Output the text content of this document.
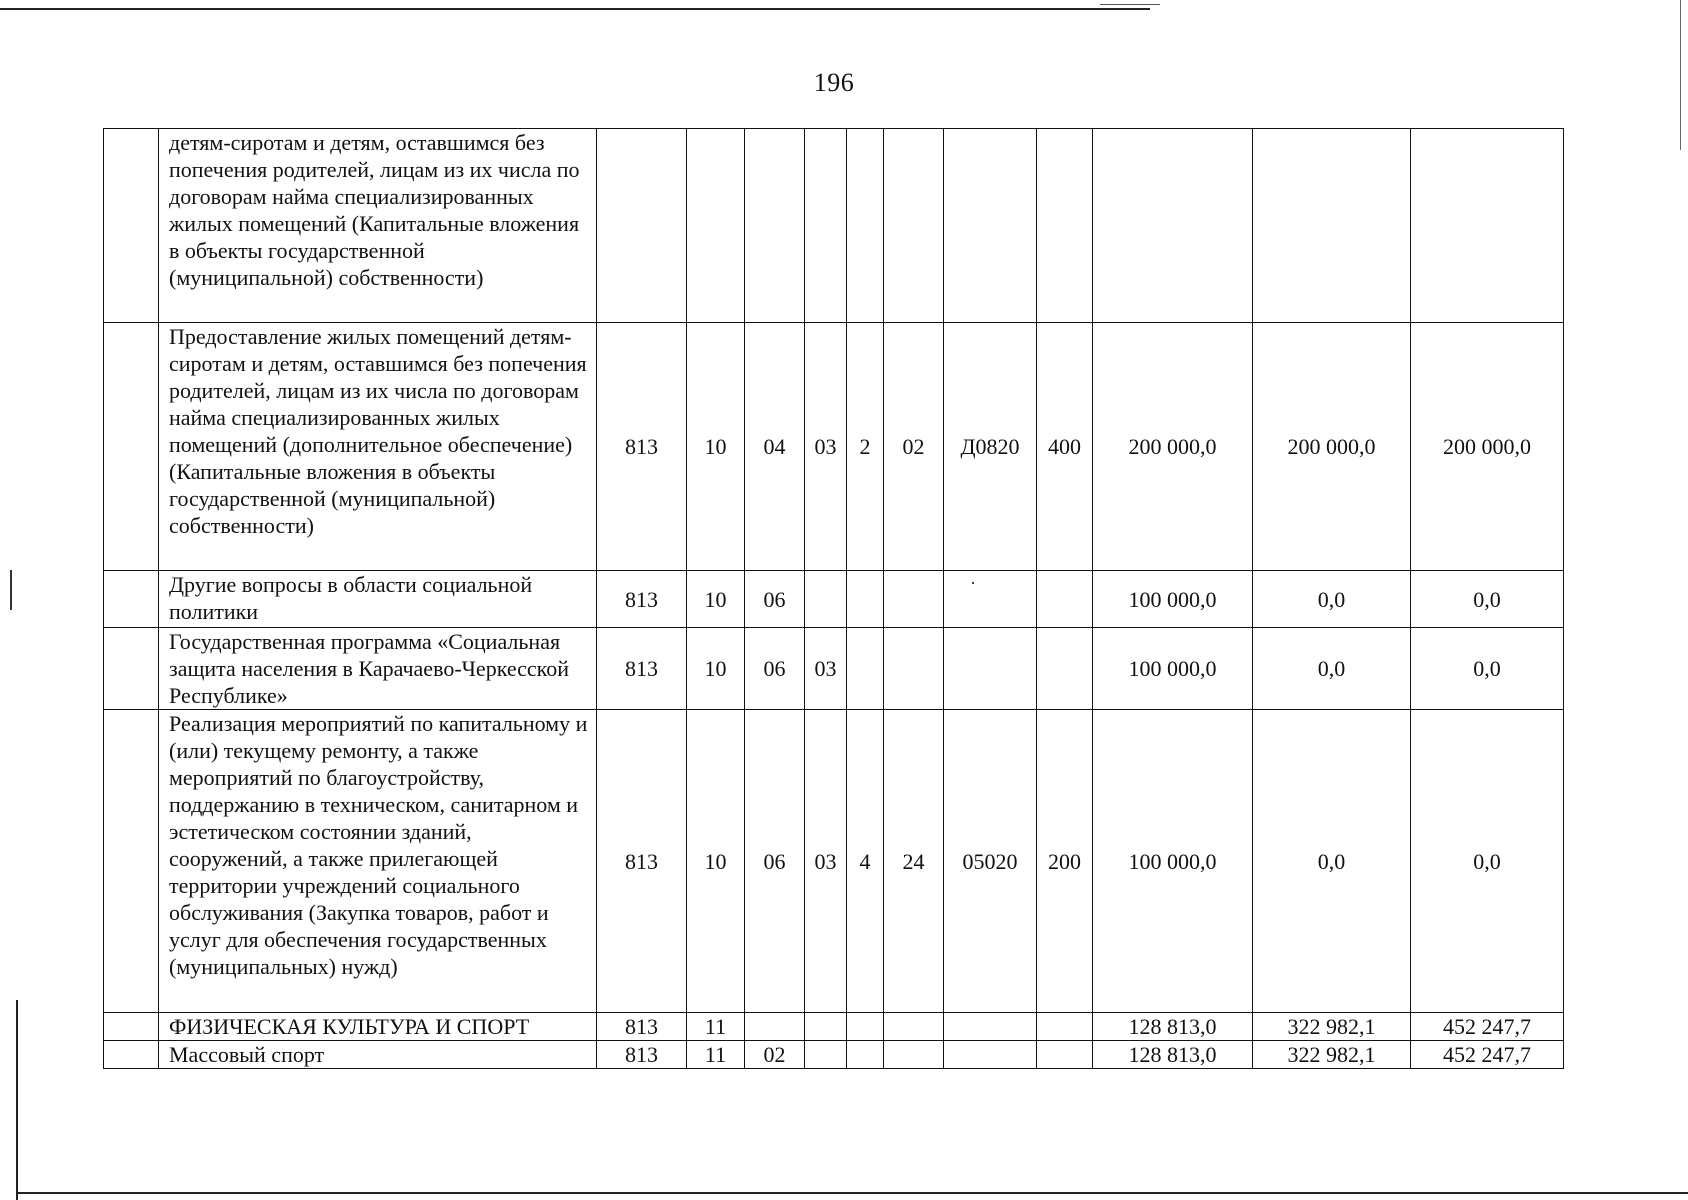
196
	детям-сиротам и детям, оставшимся без попечения родителей, лицам из их числа по договорам найма специализированных жилых помещений (Капитальные вложения в объекты государственной (муниципальной) собственности)											
	Предоставление жилых помещений детям-сиротам и детям, оставшимся без попечения родителей, лицам из их числа по договорам найма специализированных жилых помещений (дополнительное обеспечение) (Капитальные вложения в объекты государственной (муниципальной) собственности)	813	10	04	03	2	02	Д0820	400	200 000,0	200 000,0	200 000,0
	Другие вопросы в области социальной политики	813	10	06						100 000,0	0,0	0,0
	Государственная программа «Социальная защита населения в Карачаево-Черкесской Республике»	813	10	06	03					100 000,0	0,0	0,0
	Реализация мероприятий по капитальному и (или) текущему ремонту, а также мероприятий по благоустройству, поддержанию в техническом, санитарном и эстетическом состоянии зданий, сооружений, а также прилегающей территории учреждений социального обслуживания (Закупка товаров, работ и услуг для обеспечения государственных (муниципальных) нужд)	813	10	06	03	4	24	05020	200	100 000,0	0,0	0,0
	ФИЗИЧЕСКАЯ КУЛЬТУРА И СПОРТ	813	11							128 813,0	322 982,1	452 247,7
	Массовый спорт	813	11	02						128 813,0	322 982,1	452 247,7
